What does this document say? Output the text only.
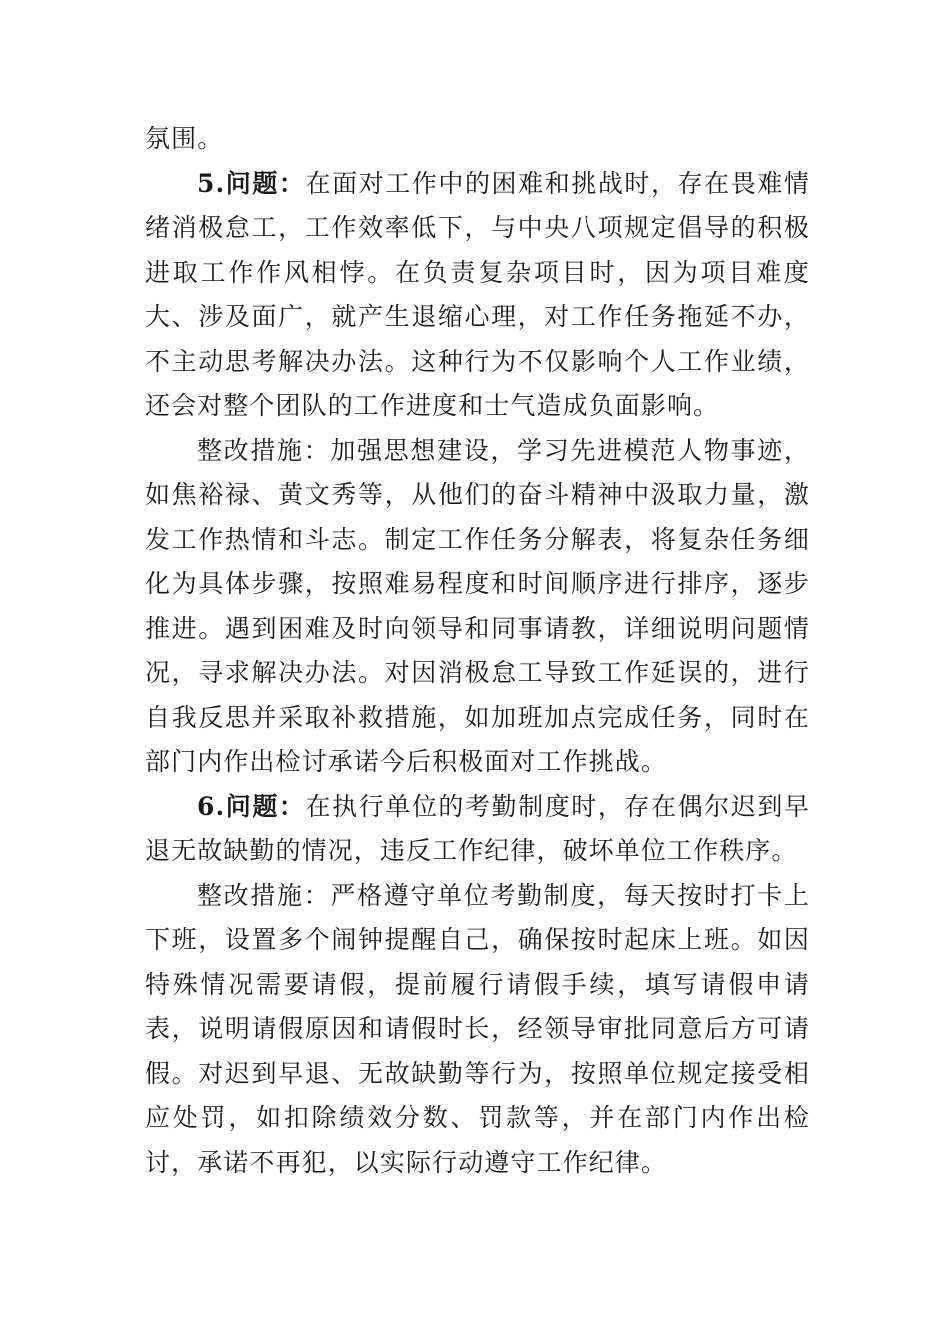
氛围。

5.问题：在面对工作中的困难和挑战时，存在畏难情绪消极怠工，工作效率低下，与中央八项规定倡导的积极进取工作作风相悖。在负责复杂项目时，因为项目难度大、涉及面广，就产生退缩心理，对工作任务拖延不办，不主动思考解决办法。这种行为不仅影响个人工作业绩，还会对整个团队的工作进度和士气造成负面影响。

整改措施：加强思想建设，学习先进模范人物事迹，如焦裕禄、黄文秀等，从他们的奋斗精神中汲取力量，激发工作热情和斗志。制定工作任务分解表，将复杂任务细化为具体步骤，按照难易程度和时间顺序进行排序，逐步推进。遇到困难及时向领导和同事请教，详细说明问题情况，寻求解决办法。对因消极怠工导致工作延误的，进行自我反思并采取补救措施，如加班加点完成任务，同时在部门内作出检讨承诺今后积极面对工作挑战。

6.问题：在执行单位的考勤制度时，存在偶尔迟到早退无故缺勤的情况，违反工作纪律，破坏单位工作秩序。

整改措施：严格遵守单位考勤制度，每天按时打卡上下班，设置多个闹钟提醒自己，确保按时起床上班。如因特殊情况需要请假，提前履行请假手续，填写请假申请表，说明请假原因和请假时长，经领导审批同意后方可请假。对迟到早退、无故缺勤等行为，按照单位规定接受相应处罚，如扣除绩效分数、罚款等，并在部门内作出检讨，承诺不再犯，以实际行动遵守工作纪律。
